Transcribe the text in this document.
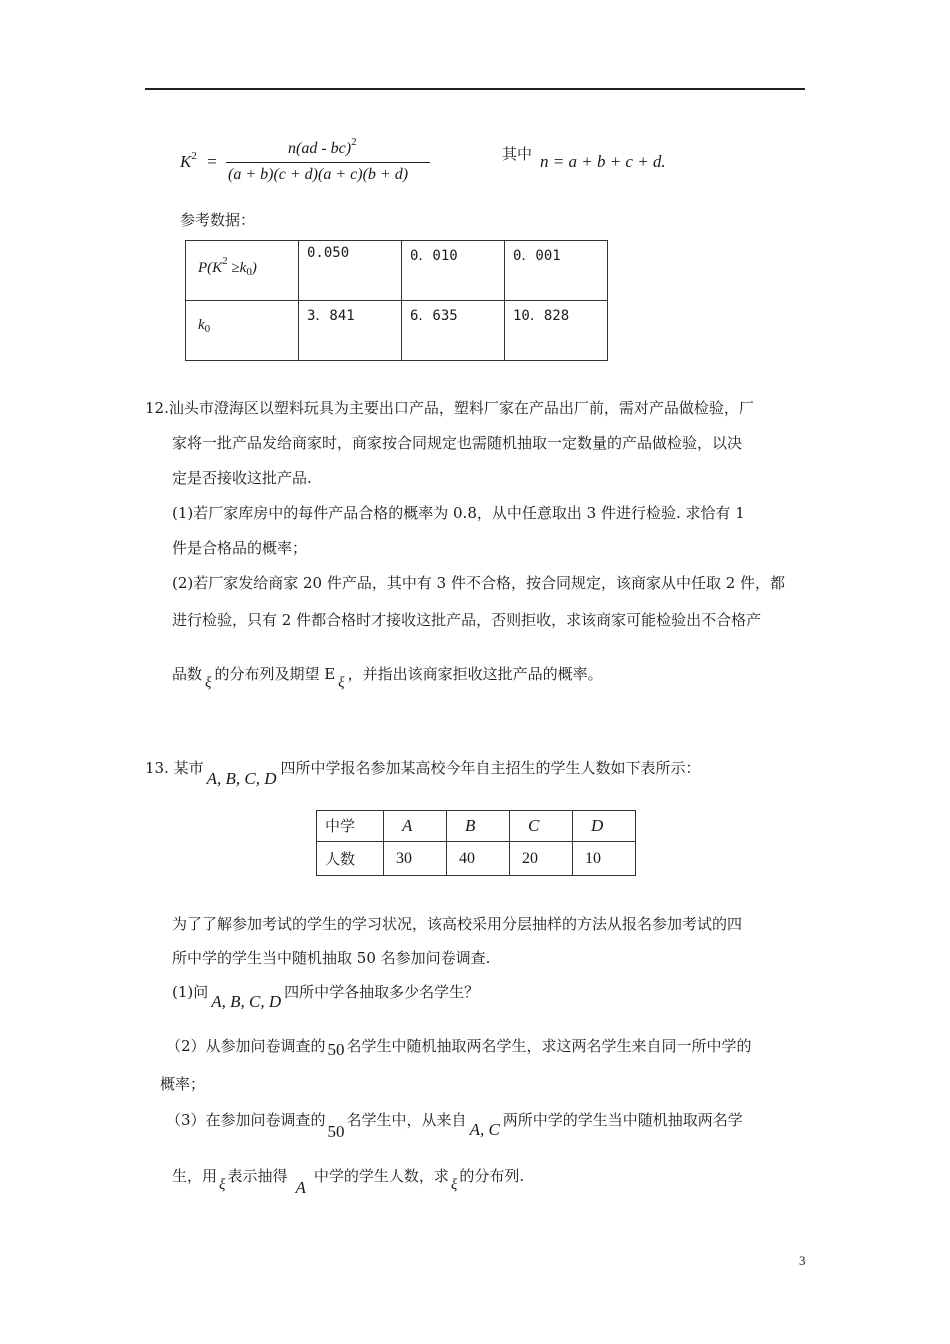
$K^2$ =
n(ad - bc)$^2$
(a + b)(c + d)(a + c)(b + d)
其中 n = a + b + c + d.
参考数据：
$P(K^2 \ge k_0)$	0.050	0．010	0．001

$k_0$	3．841	6．635	10．828
12.汕头市澄海区以塑料玩具为主要出口产品，塑料厂家在产品出厂前，需对产品做检验，厂
家将一批产品发给商家时，商家按合同规定也需随机抽取一定数量的产品做检验，以决
定是否接收这批产品.
(1)若厂家库房中的每件产品合格的概率为 0.8，从中任意取出 3 件进行检验. 求恰有 1
件是合格品的概率；
(2)若厂家发给商家 20 件产品，其中有 3 件不合格，按合同规定，该商家从中任取 2 件，都
进行检验，只有 2 件都合格时才接收这批产品，否则拒收，求该商家可能检验出不合格产
品数 ξ 的分布列及期望 E ξ ，并指出该商家拒收这批产品的概率。
13. 某市A, B, C, D四所中学报名参加某高校今年自主招生的学生人数如下表所示：
中学	A	B	C	D

人数	30	40	20	10
为了了解参加考试的学生的学习状况，该高校采用分层抽样的方法从报名参加考试的四
所中学的学生当中随机抽取 50 名参加问卷调查.
(1)问 A, B, C, D 四所中学各抽取多少名学生？
（2）从参加问卷调查的 50 名学生中随机抽取两名学生，求这两名学生来自同一所中学的
概率；
（3）在参加问卷调查的50名学生中，从来自 A, C 两所中学的学生当中随机抽取两名学
生，用 ξ 表示抽得A中学的学生人数，求 ξ 的分布列.
3
